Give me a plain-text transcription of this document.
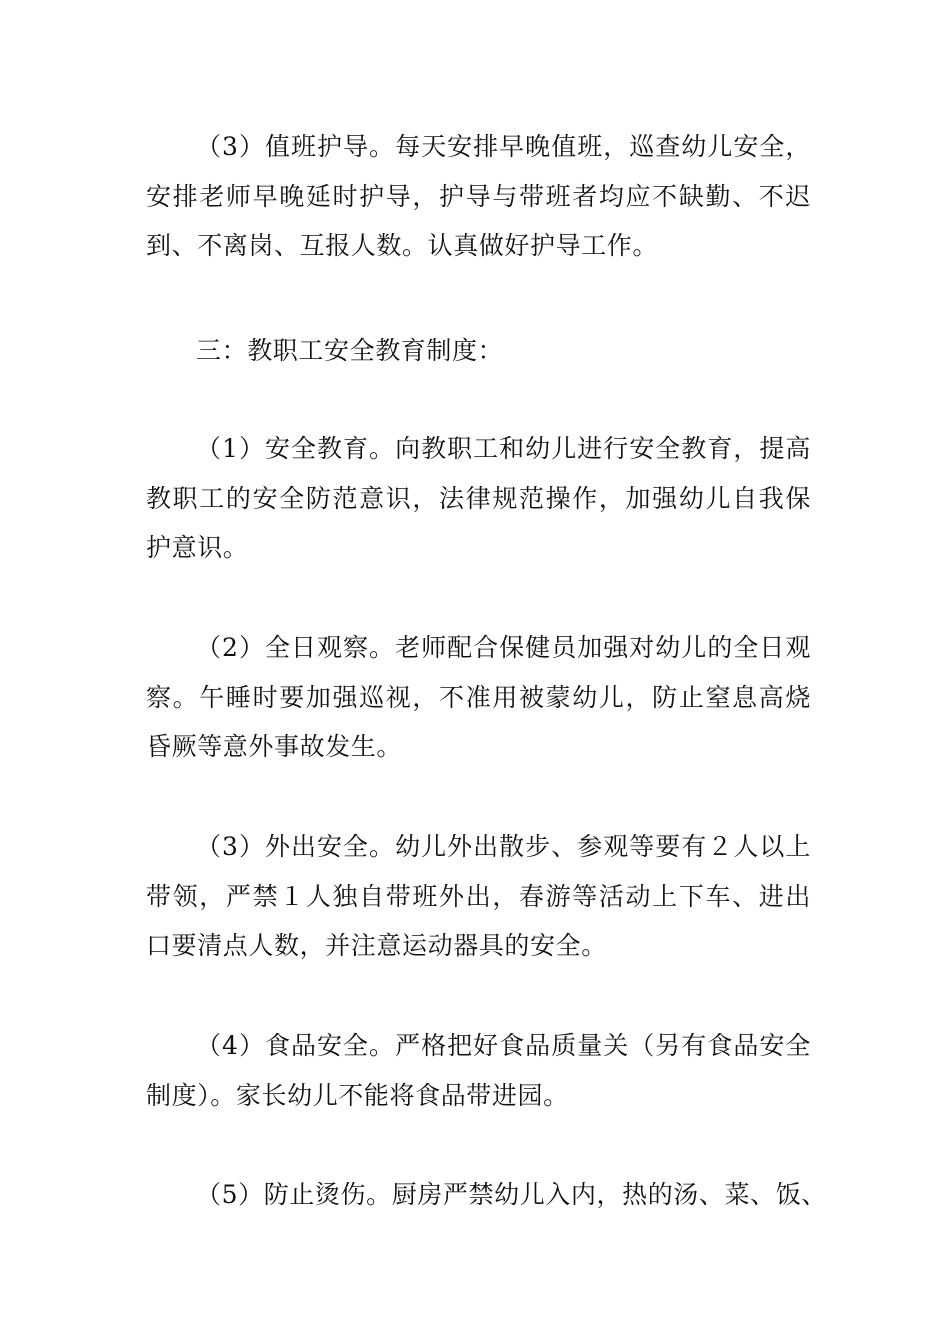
（3）值班护导。每天安排早晚值班，巡查幼儿安全，安排老师早晚延时护导，护导与带班者均应不缺勤、不迟到、不离岗、互报人数。认真做好护导工作。

三：教职工安全教育制度：

（1）安全教育。向教职工和幼儿进行安全教育，提高教职工的安全防范意识，法律规范操作，加强幼儿自我保护意识。

（2）全日观察。老师配合保健员加强对幼儿的全日观察。午睡时要加强巡视，不准用被蒙幼儿，防止窒息高烧昏厥等意外事故发生。

（3）外出安全。幼儿外出散步、参观等要有２人以上带领，严禁１人独自带班外出，春游等活动上下车、进出口要清点人数，并注意运动器具的安全。

（4）食品安全。严格把好食品质量关（另有食品安全制度）。家长幼儿不能将食品带进园。

（5）防止烫伤。厨房严禁幼儿入内，热的汤、菜、饭、
